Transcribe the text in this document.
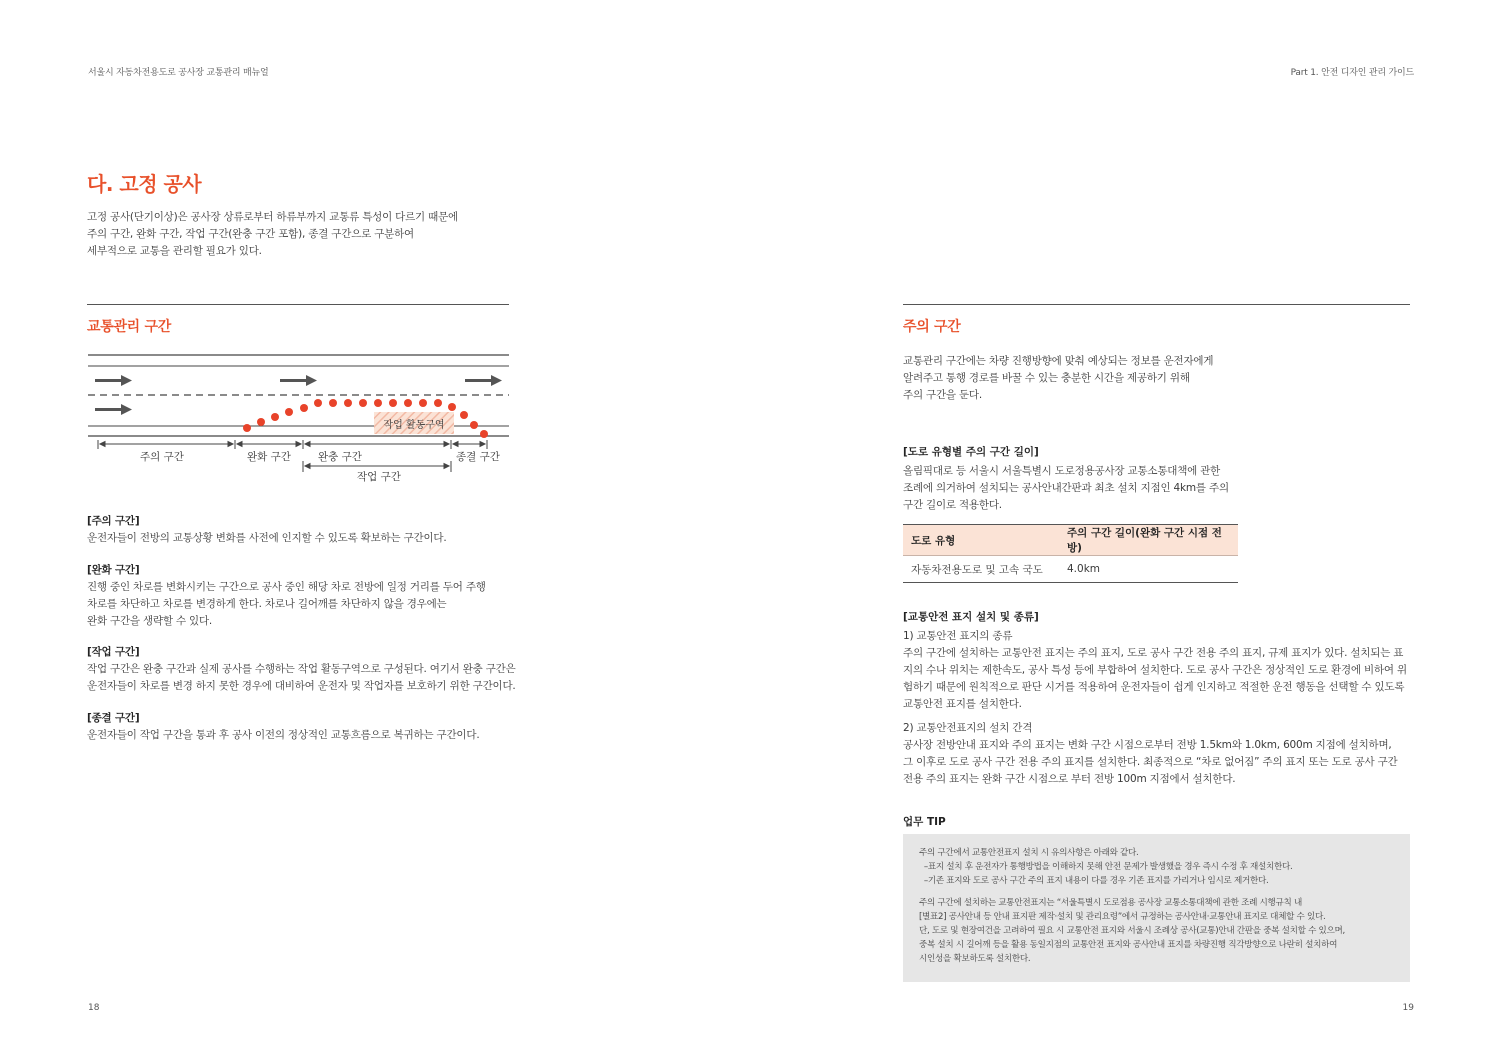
서울시 자동차전용도로 공사장 교통관리 매뉴얼	Part 1. 안전 디자인 관리 가이드
다. 고정 공사
고정 공사(단기이상)은 공사장 상류로부터 하류부까지 교통류 특성이 다르기 때문에
주의 구간, 완화 구간, 작업 구간(완충 구간 포함), 종결 구간으로 구분하여
세부적으로 교통을 관리할 필요가 있다.
교통관리 구간
작업 활동구역
주의 구간	완화 구간	완충 구간	종결 구간
작업 구간
[주의 구간]
운전자들이 전방의 교통상황 변화를 사전에 인지할 수 있도록 확보하는 구간이다.
[완화 구간]
진행 중인 차로를 변화시키는 구간으로 공사 중인 해당 차로 전방에 일정 거리를 두어 주행
차로를 차단하고 차로를 변경하게 한다. 차로나 길어깨를 차단하지 않을 경우에는
완화 구간을 생략할 수 있다.
[작업 구간]
작업 구간은 완충 구간과 실제 공사를 수행하는 작업 활동구역으로 구성된다. 여기서 완충 구간은
운전자들이 차로를 변경 하지 못한 경우에 대비하여 운전자 및 작업자를 보호하기 위한 구간이다.
[종결 구간]
운전자들이 작업 구간을 통과 후 공사 이전의 정상적인 교통흐름으로 복귀하는 구간이다.
18
주의 구간
교통관리 구간에는 차량 진행방향에 맞춰 예상되는 정보를 운전자에게
알려주고 통행 경로를 바꿀 수 있는 충분한 시간을 제공하기 위해
주의 구간을 둔다.
[도로 유형별 주의 구간 길이]
올림픽대로 등 서울시 서울특별시 도로정용공사장 교통소통대책에 관한
조례에 의거하여 설치되는 공사안내간판과 최초 설치 지점인 4km를 주의
구간 길이로 적용한다.
도로 유형	주의 구간 길이(완화 구간 시점 전방)
자동차전용도로 및 고속 국도	4.0km
[교통안전 표지 설치 및 종류]
1) 교통안전 표지의 종류
주의 구간에 설치하는 교통안전 표지는 주의 표지, 도로 공사 구간 전용 주의 표지, 규제 표지가 있다. 설치되는 표
지의 수나 위치는 제한속도, 공사 특성 등에 부합하여 설치한다. 도로 공사 구간은 정상적인 도로 환경에 비하여 위
험하기 때문에 원칙적으로 판단 시거를 적용하여 운전자들이 쉽게 인지하고 적절한 운전 행동을 선택할 수 있도록
교통안전 표지를 설치한다.
2) 교통안전표지의 설치 간격
공사장 전방안내 표지와 주의 표지는 변화 구간 시점으로부터 전방 1.5km와 1.0km, 600m 지점에 설치하며,
그 이후로 도로 공사 구간 전용 주의 표지를 설치한다. 최종적으로 “차로 없어짐” 주의 표지 또는 도로 공사 구간
전용 주의 표지는 완화 구간 시점으로 부터 전방 100m 지점에서 설치한다.
업무 TIP

주의 구간에서 교통안전표지 설치 시 유의사항은 아래와 같다.

–표지 설치 후 운전자가 통행방법을 이해하지 못해 안전 문제가 발생했을 경우 즉시 수정 후 재설치한다.

–기존 표지와 도로 공사 구간 주의 표지 내용이 다를 경우 기존 표지를 가리거나 임시로 제거한다.

주의 구간에 설치하는 교통안전표지는 “서울특별시 도로점용 공사장 교통소통대책에 관한 조례 시행규칙 내

[별표2] 공사안내 등 안내 표지판 제작·설치 및 관리요령”에서 규정하는 공사안내·교통안내 표지로 대체할 수 있다.

단, 도로 및 현장여건을 고려하여 필요 시 교통안전 표지와 서울시 조례상 공사(교통)안내 간판을 중복 설치할 수 있으며,

중복 설치 시 길어깨 등을 활용 동일지점의 교통안전 표지와 공사안내 표지를 차량진행 직각방향으로 나란히 설치하여

시인성을 확보하도록 설치한다.

19
